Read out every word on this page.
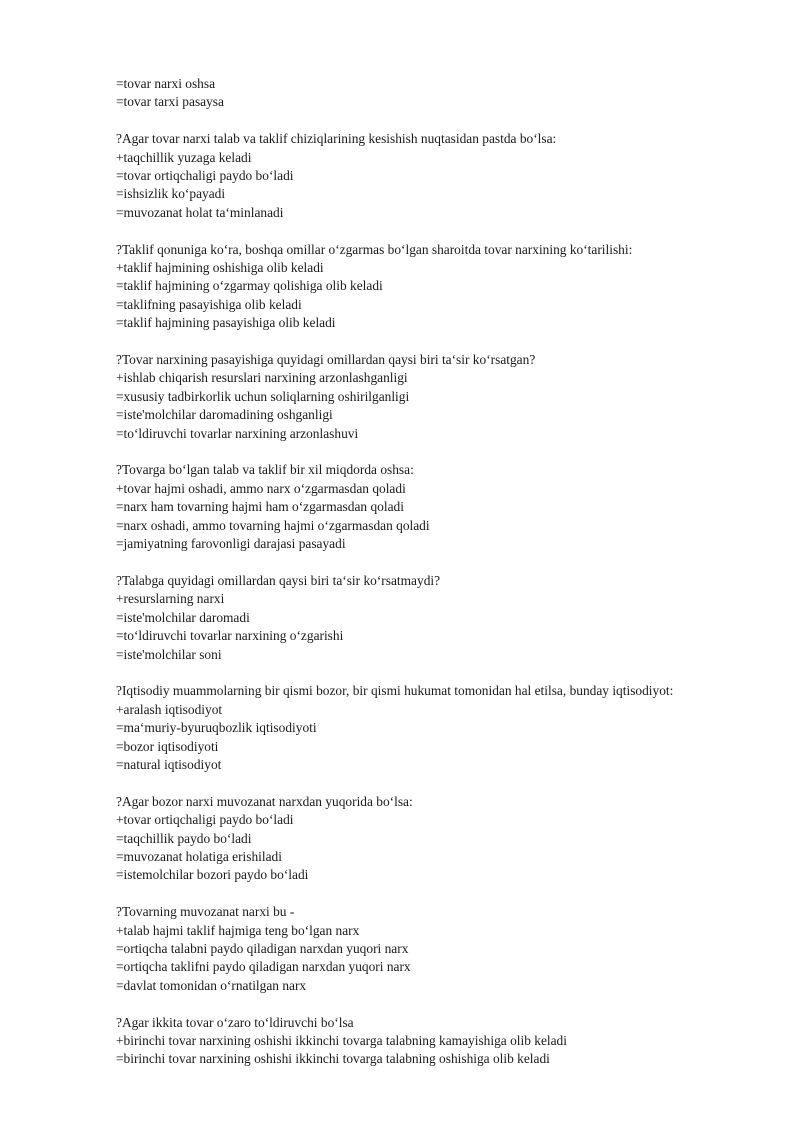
=tovar narxi oshsa
=tovar tarxi pasaysa
?Agar tovar narxi talab va taklif chiziqlarining kesishish nuqtasidan pastda bo‘lsa:
+taqchillik yuzaga keladi
=tovar ortiqchaligi paydo bo‘ladi
=ishsizlik ko‘payadi
=muvozanat holat ta‘minlanadi
?Taklif qonuniga ko‘ra, boshqa omillar o‘zgarmas bo‘lgan sharoitda tovar narxining ko‘tarilishi:
+taklif hajmining oshishiga olib keladi
=taklif hajmining o‘zgarmay qolishiga olib keladi
=taklifning pasayishiga olib keladi
=taklif hajmining pasayishiga olib keladi
?Tovar narxining pasayishiga quyidagi omillardan qaysi biri ta‘sir ko‘rsatgan?
+ishlab chiqarish resurslari narxining arzonlashganligi
=xususiy tadbirkorlik uchun soliqlarning oshirilganligi
=iste'molchilar daromadining oshganligi
=to‘ldiruvchi tovarlar narxining arzonlashuvi
?Tovarga bo‘lgan talab va taklif bir xil miqdorda oshsa:
+tovar hajmi oshadi, ammo narx o‘zgarmasdan qoladi
=narx ham tovarning hajmi ham o‘zgarmasdan qoladi
=narx oshadi, ammo tovarning hajmi o‘zgarmasdan qoladi
=jamiyatning farovonligi darajasi pasayadi
?Talabga quyidagi omillardan qaysi biri ta‘sir ko‘rsatmaydi?
+resurslarning narxi
=iste'molchilar daromadi
=to‘ldiruvchi tovarlar narxining o‘zgarishi
=iste'molchilar soni
?Iqtisodiy muammolarning bir qismi bozor, bir qismi hukumat tomonidan hal etilsa, bunday iqtisodiyot:
+aralash iqtisodiyot
=ma‘muriy-byuruqbozlik iqtisodiyoti
=bozor iqtisodiyoti
=natural iqtisodiyot
?Agar bozor narxi muvozanat narxdan yuqorida bo‘lsa:
+tovar ortiqchaligi paydo bo‘ladi
=taqchillik paydo bo‘ladi
=muvozanat holatiga erishiladi
=istemolchilar bozori paydo bo‘ladi
?Tovarning muvozanat narxi bu -
+talab hajmi taklif hajmiga teng bo‘lgan narx
=ortiqcha talabni paydo qiladigan narxdan yuqori narx
=ortiqcha taklifni paydo qiladigan narxdan yuqori narx
=davlat tomonidan o‘rnatilgan narx
?Agar ikkita tovar o‘zaro to‘ldiruvchi bo‘lsa
+birinchi tovar narxining oshishi ikkinchi tovarga talabning kamayishiga olib keladi
=birinchi tovar narxining oshishi ikkinchi tovarga talabning oshishiga olib keladi
